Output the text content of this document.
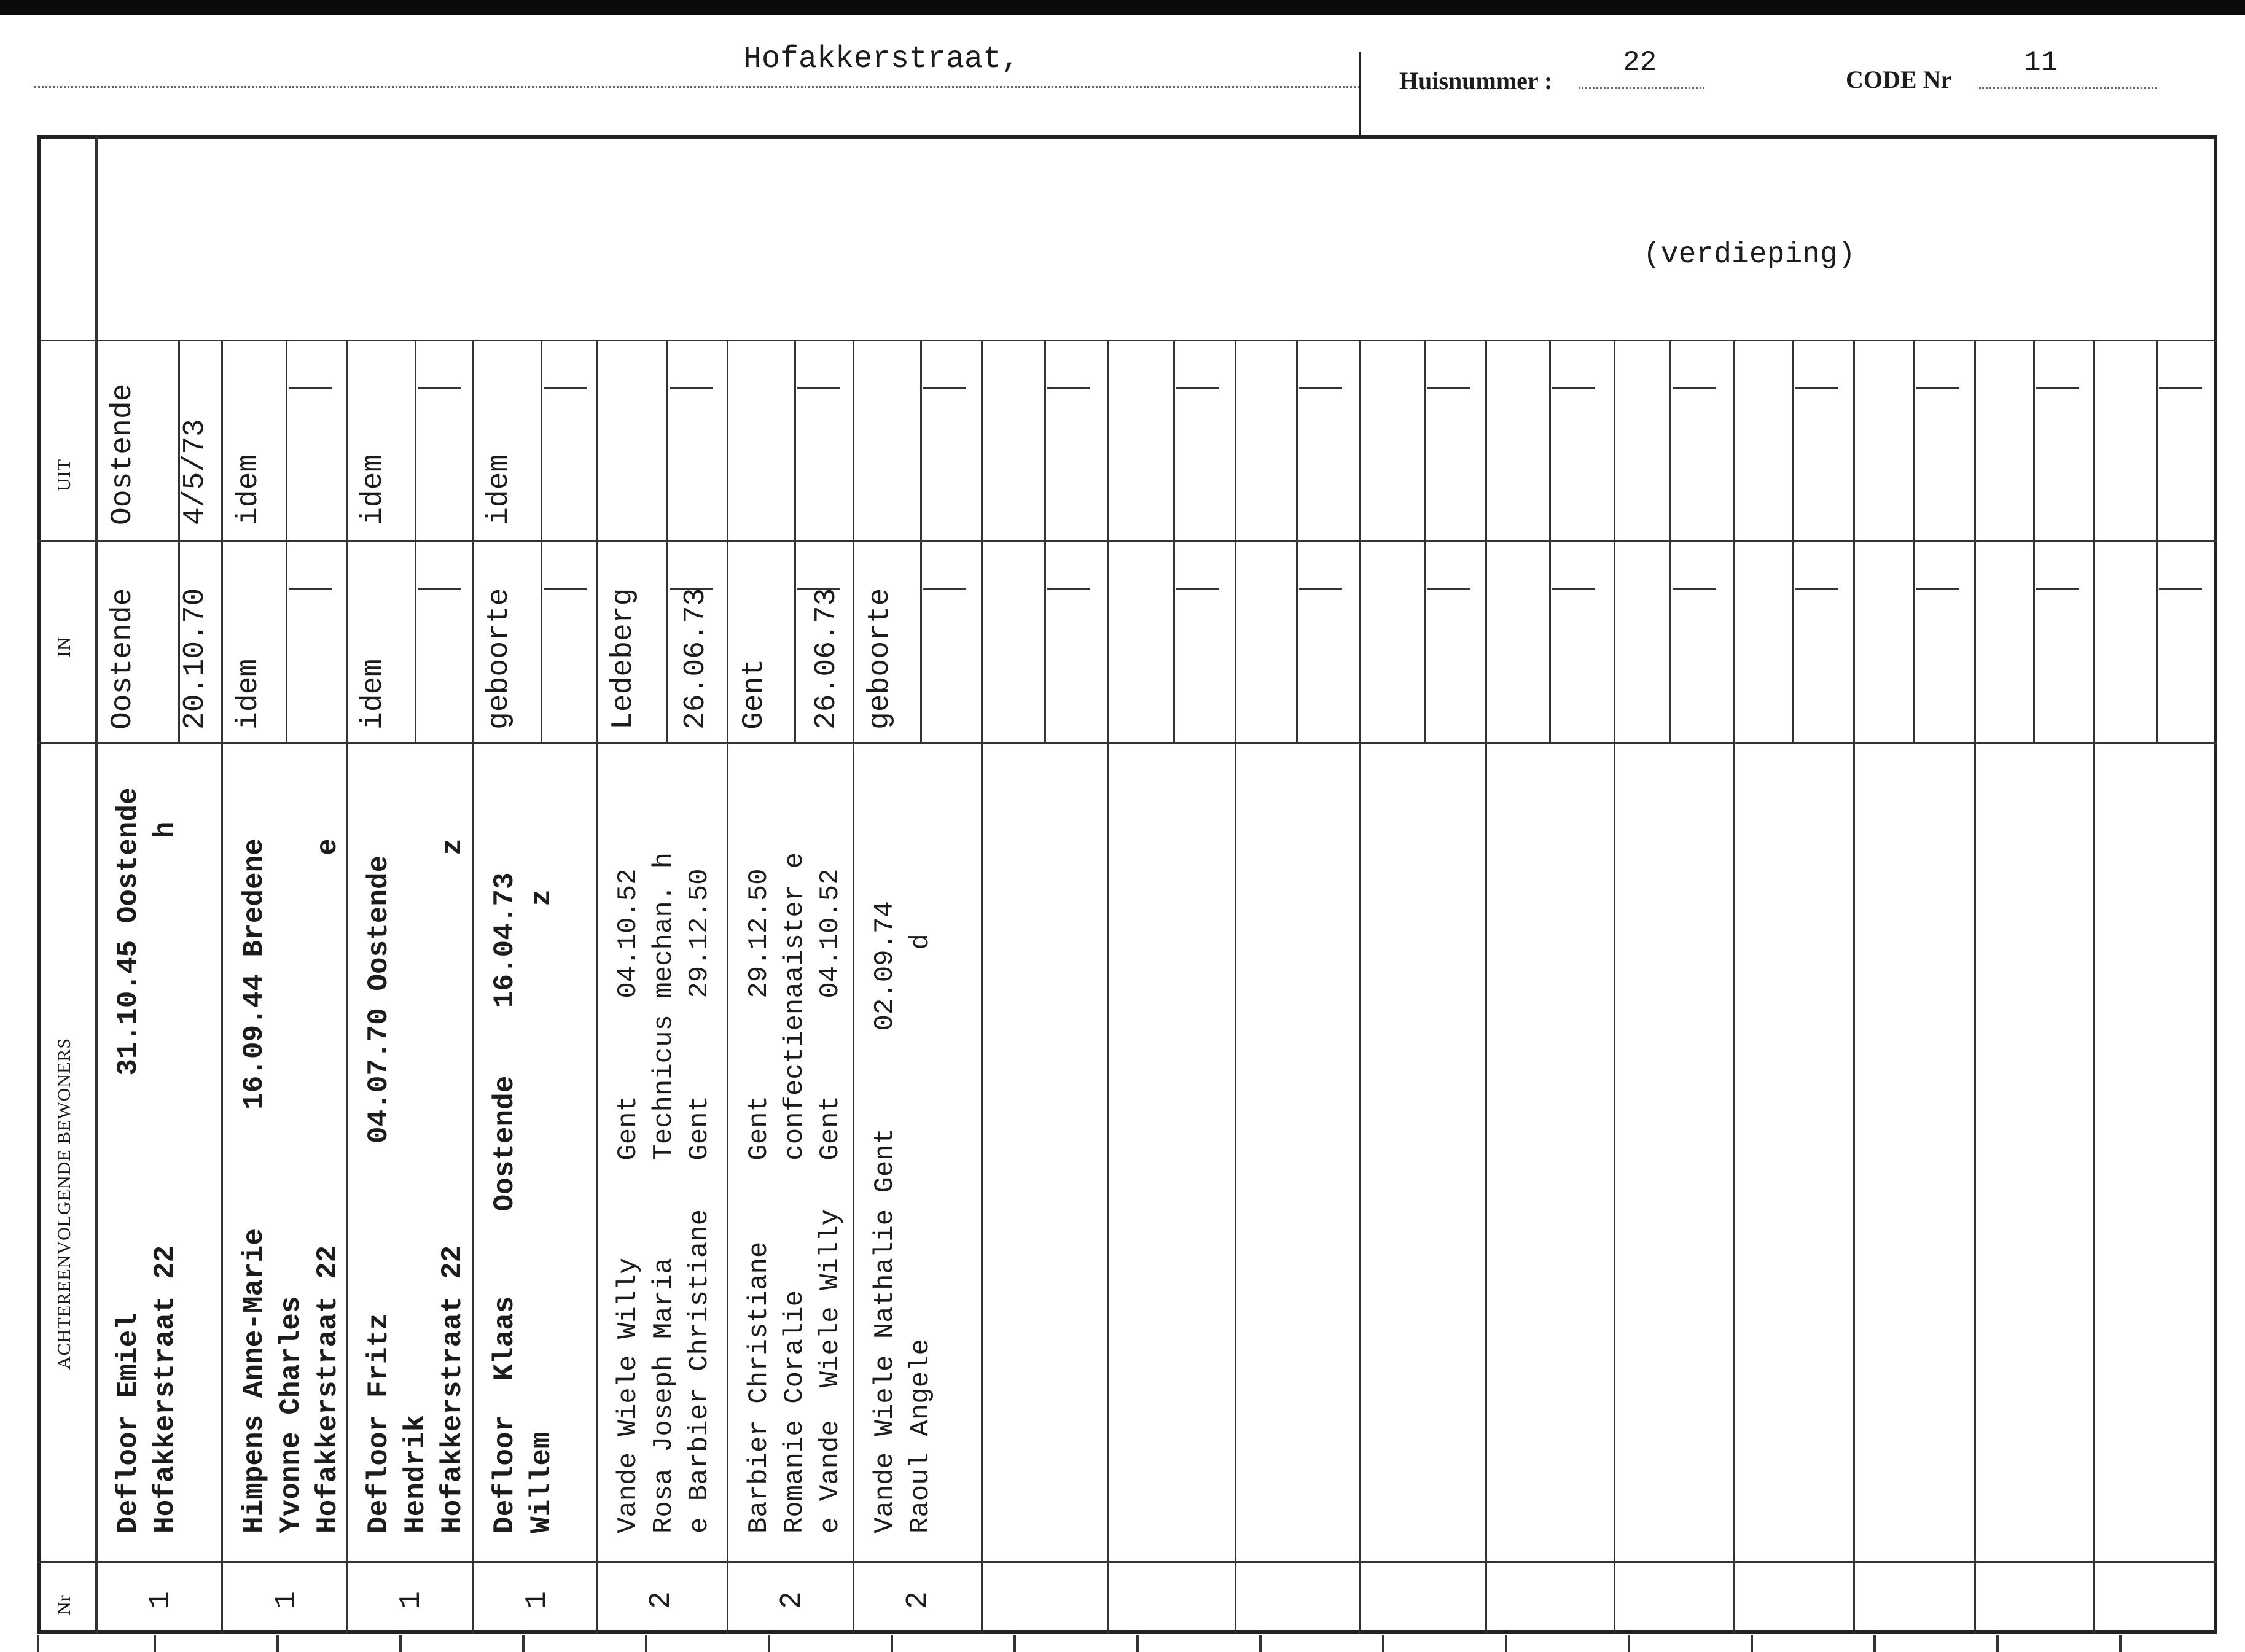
Hofakkerstraat,
Huisnummer :
22
CODE Nr
11
(verdieping)
UIT
IN
ACHTEREENVOLGENDE BEWONERS
Nr
Oostende 4/5/73
Oostende 20.10.70
Defloor Emiel              31.10.45 Oostende Hofakkerstraat 22                        h
1
idem
idem
Himpens Anne-Marie       16.09.44 Bredene Yvonne Charles Hofakkerstraat 22                       e
1
idem
idem
Defloor Fritz          04.07.70 Oostende Hendrik Hofakkerstraat 22                       z
1
idem
geboorte
Defloor  Klaas     Oostende    16.04.73 Willem                               z
1
Ledeberg 26.06.73
Vande Wiele Willy      Gent      04.10.52 Rosa Joseph Maria      Technicus mechan. h e Barbier Christiane   Gent      29.12.50
2
Gent 26.06.73
Barbier Christiane     Gent      29.12.50 Romanie Coralie        confectienaaister e e Vande  Wiele Willy   Gent      04.10.52
2
geboorte
Vande Wiele Nathalie Gent      02.09.74 Raoul Angele                        d
2
